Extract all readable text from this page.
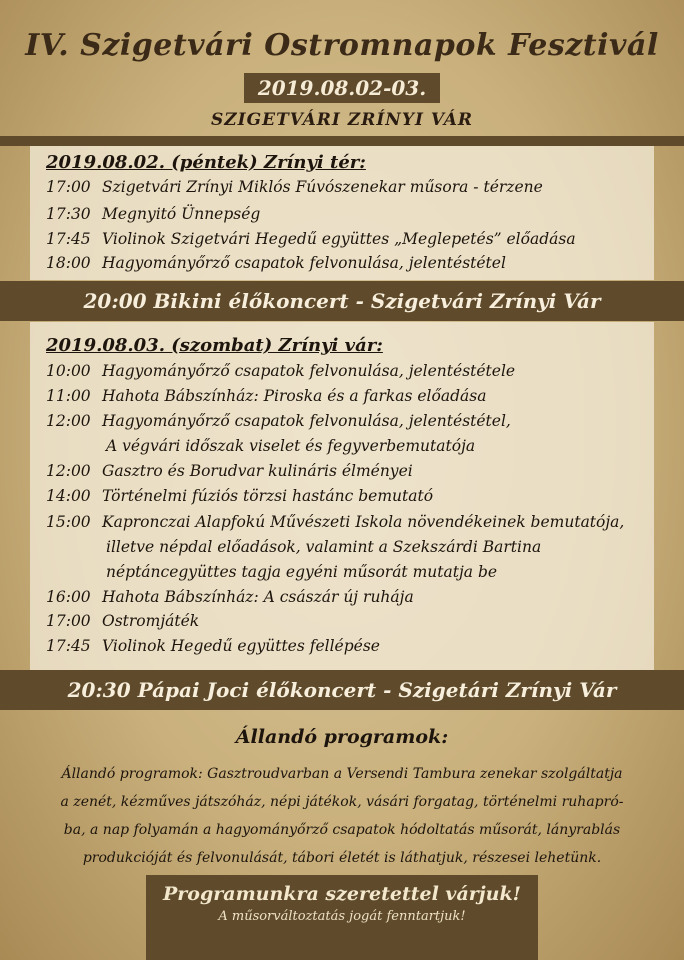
IV. Szigetvári Ostromnapok Fesztivál
2019.08.02-03.
SZIGETVÁRI ZRÍNYI VÁR
2019.08.02. (péntek) Zrínyi tér:
17:00 Szigetvári Zrínyi Miklós Fúvószenekar műsora - térzene
17:30 Megnyitó Ünnepség
17:45 Violinok Szigetvári Hegedű együttes „Meglepetés” előadása
18:00 Hagyományőrző csapatok felvonulása, jelentéstétel
20:00 Bikini élőkoncert - Szigetvári Zrínyi Vár
2019.08.03. (szombat) Zrínyi vár:
10:00 Hagyományőrző csapatok felvonulása, jelentéstétele
11:00 Hahota Bábszínház: Piroska és a farkas előadása
12:00 Hagyományőrző csapatok felvonulása, jelentéstétel,
A végvári időszak viselet és fegyverbemutatója
12:00 Gasztro és Borudvar kulináris élményei
14:00 Történelmi fúziós törzsi hastánc bemutató
15:00 Kapronczai Alapfokú Művészeti Iskola növendékeinek bemutatója,
illetve népdal előadások, valamint a Szekszárdi Bartina
néptáncegyüttes tagja egyéni műsorát mutatja be
16:00 Hahota Bábszínház: A császár új ruhája
17:00 Ostromjáték
17:45 Violinok Hegedű együttes fellépése
20:30 Pápai Joci élőkoncert - Szigetári Zrínyi Vár
Állandó programok:
Állandó programok: Gasztroudvarban a Versendi Tambura zenekar szolgáltatja
a zenét, kézműves játszóház, népi játékok, vásári forgatag, történelmi ruhapró-
ba, a nap folyamán a hagyományőrző csapatok hódoltatás műsorát, lányrablás
produkcióját és felvonulását, tábori életét is láthatjuk, részesei lehetünk.
Programunkra szeretettel várjuk!
A műsorváltoztatás jogát fenntartjuk!
